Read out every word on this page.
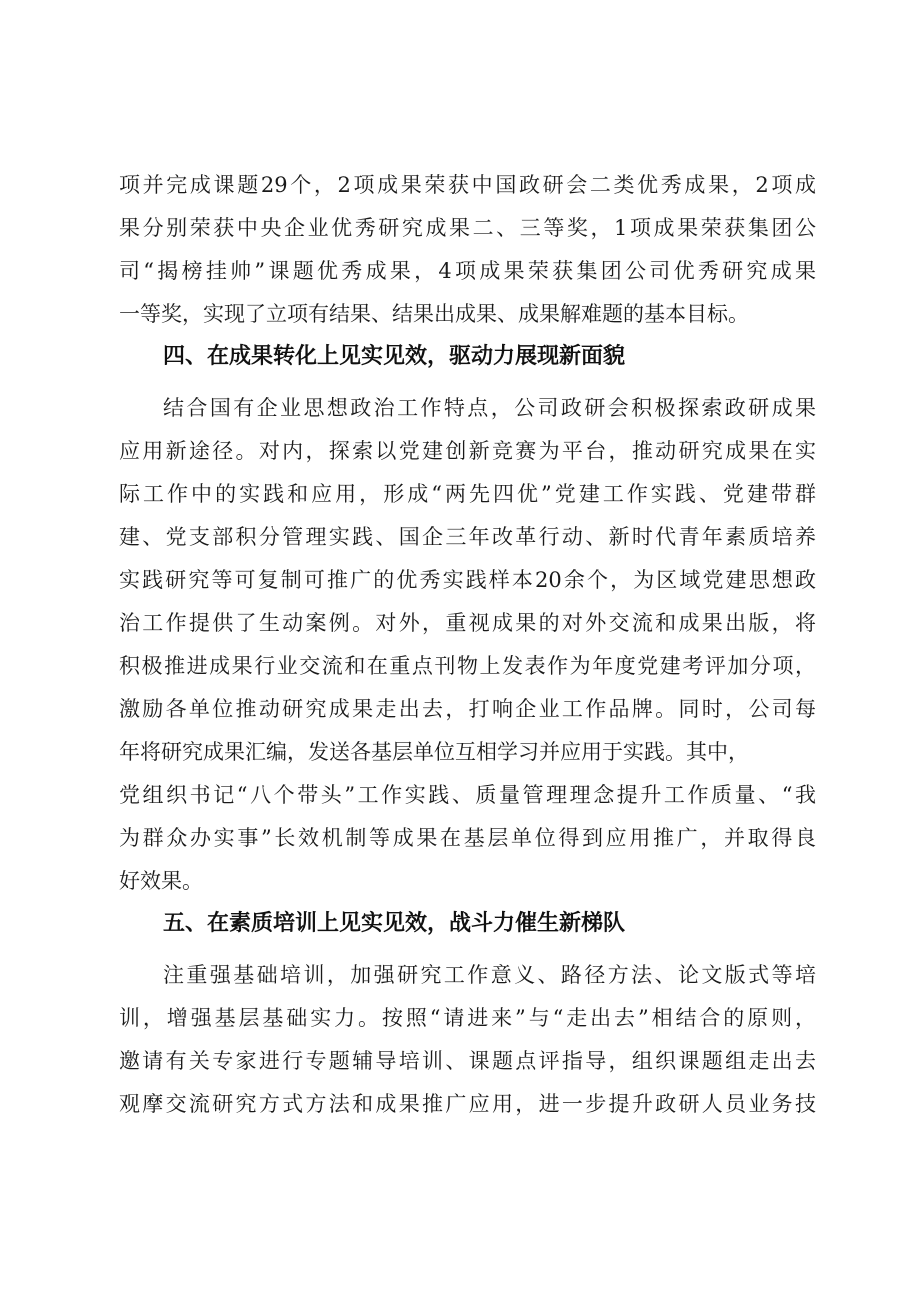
项并完成课题29个，2项成果荣获中国政研会二类优秀成果，2项成
果分别荣获中央企业优秀研究成果二、三等奖，1项成果荣获集团公
司“揭榜挂帅”课题优秀成果，4项成果荣获集团公司优秀研究成果
一等奖，实现了立项有结果、结果出成果、成果解难题的基本目标。
四、在成果转化上见实见效，驱动力展现新面貌
结合国有企业思想政治工作特点，公司政研会积极探索政研成果
应用新途径。对内，探索以党建创新竞赛为平台，推动研究成果在实
际工作中的实践和应用，形成“两先四优”党建工作实践、党建带群
建、党支部积分管理实践、国企三年改革行动、新时代青年素质培养
实践研究等可复制可推广的优秀实践样本20余个，为区域党建思想政
治工作提供了生动案例。对外，重视成果的对外交流和成果出版，将
积极推进成果行业交流和在重点刊物上发表作为年度党建考评加分项，
激励各单位推动研究成果走出去，打响企业工作品牌。同时，公司每
年将研究成果汇编，发送各基层单位互相学习并应用于实践。其中，
党组织书记“八个带头”工作实践、质量管理理念提升工作质量、“我
为群众办实事”长效机制等成果在基层单位得到应用推广，并取得良
好效果。
五、在素质培训上见实见效，战斗力催生新梯队
注重强基础培训，加强研究工作意义、路径方法、论文版式等培
训，增强基层基础实力。按照“请进来”与“走出去”相结合的原则，
邀请有关专家进行专题辅导培训、课题点评指导，组织课题组走出去
观摩交流研究方式方法和成果推广应用，进一步提升政研人员业务技
